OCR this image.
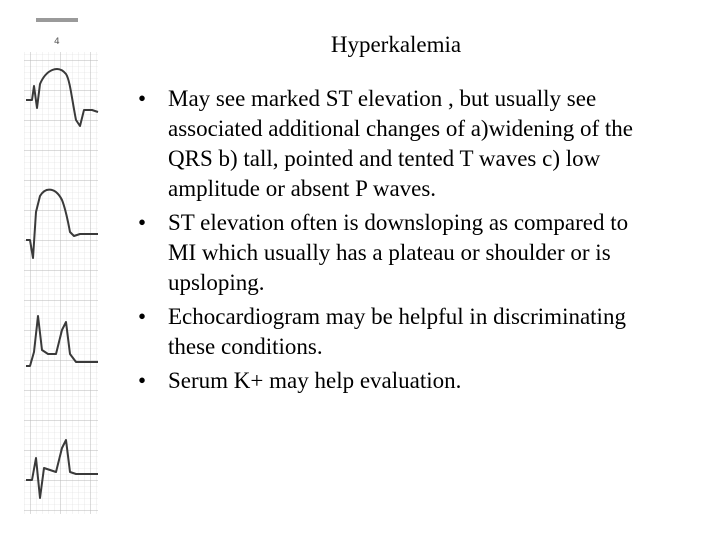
4	Hyperkalemia
• May see marked ST elevation , but usually see associated additional changes of a)widening of the QRS b) tall, pointed and tented T waves c) low amplitude or absent P waves.
• ST elevation often is downsloping as compared to MI which usually has a plateau or shoulder or is upsloping.
• Echocardiogram may be helpful in discriminating these conditions.
• Serum K+ may help evaluation.
